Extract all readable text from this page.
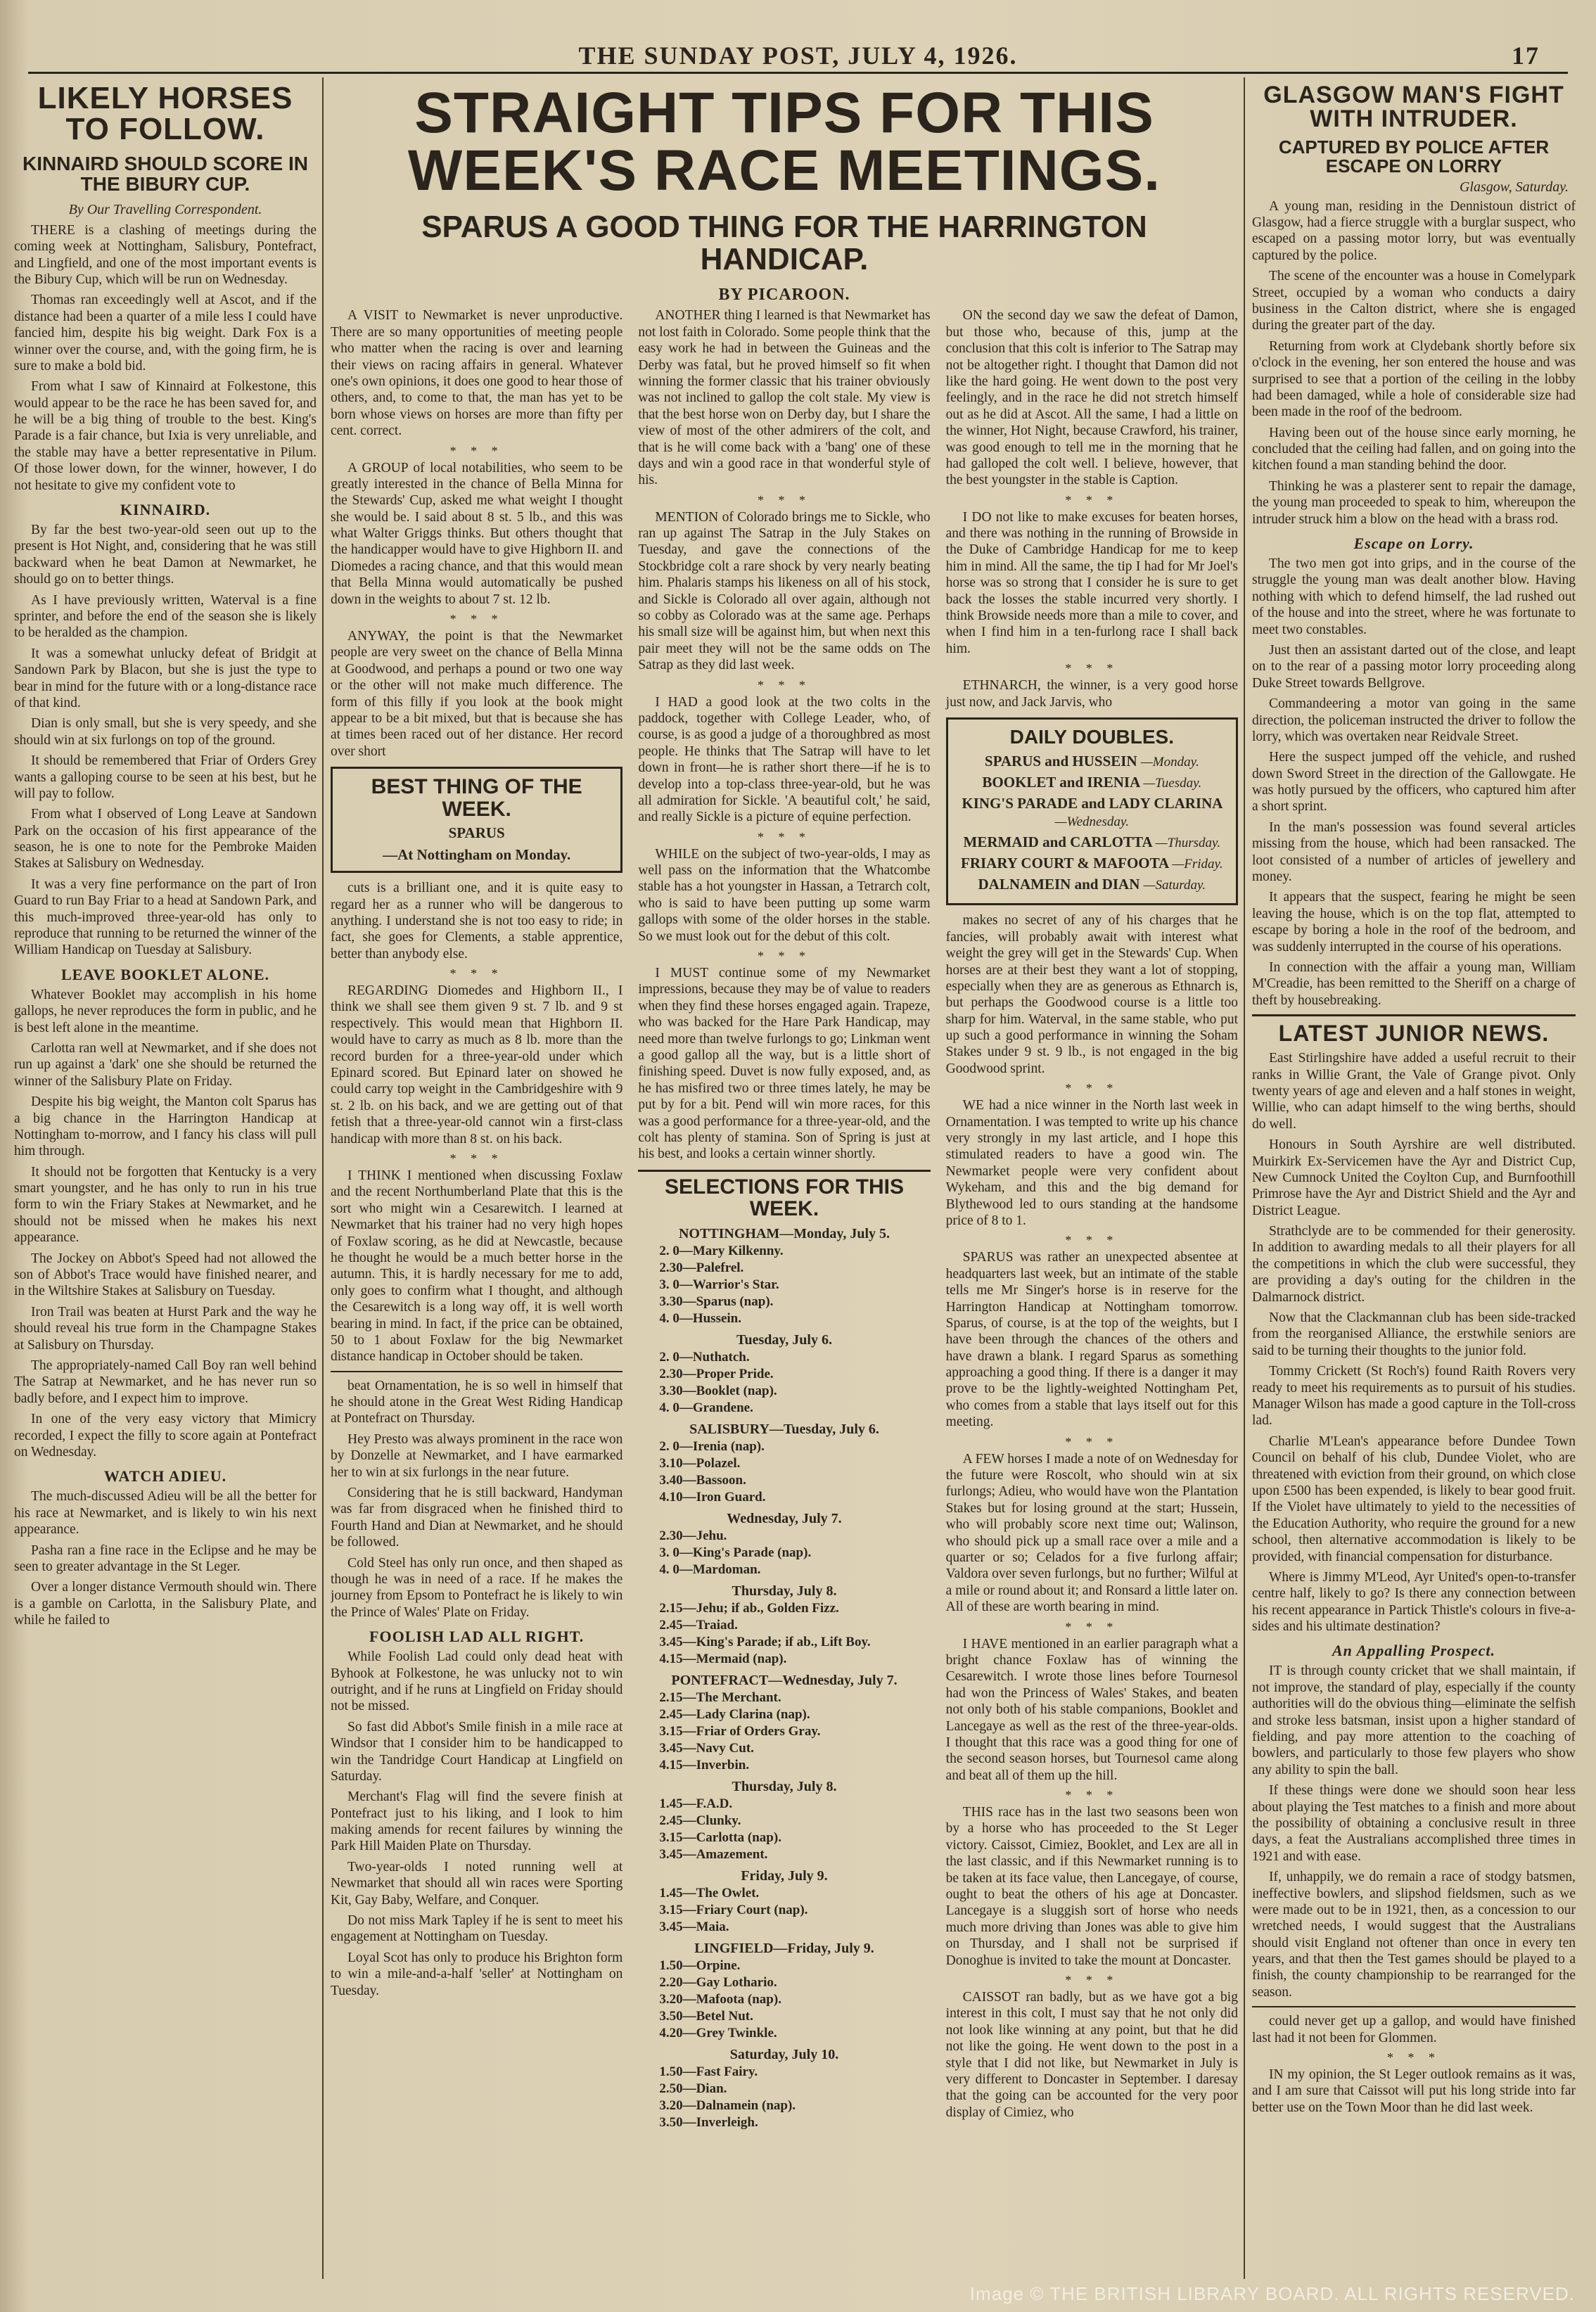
THE SUNDAY POST, JULY 4, 1926.	17
LIKELY HORSES TO FOLLOW.
KINNAIRD SHOULD SCORE IN THE BIBURY CUP.
By Our Travelling Correspondent.

THERE is a clashing of meetings during the coming week at Nottingham, Salisbury, Pontefract, and Lingfield, and one of the most important events is the Bibury Cup, which will be run on Wednesday.

Thomas ran exceedingly well at Ascot, and if the distance had been a quarter of a mile less I could have fancied him, despite his big weight. Dark Fox is a winner over the course, and, with the going firm, he is sure to make a bold bid.

From what I saw of Kinnaird at Folkestone, this would appear to be the race he has been saved for, and he will be a big thing of trouble to the best. King's Parade is a fair chance, but Ixia is very unreliable, and the stable may have a better representative in Pilum. Of those lower down, for the winner, however, I do not hesitate to give my confident vote to

KINNAIRD.

By far the best two-year-old seen out up to the present is Hot Night, and, considering that he was still backward when he beat Damon at Newmarket, he should go on to better things.

As I have previously written, Waterval is a fine sprinter, and before the end of the season she is likely to be heralded as the champion.

It was a somewhat unlucky defeat of Bridgit at Sandown Park by Blacon, but she is just the type to bear in mind for the future with or a long-distance race of that kind.

Dian is only small, but she is very speedy, and she should win at six furlongs on top of the ground.

It should be remembered that Friar of Orders Grey wants a galloping course to be seen at his best, but he will pay to follow.

From what I observed of Long Leave at Sandown Park on the occasion of his first appearance of the season, he is one to note for the Pembroke Maiden Stakes at Salisbury on Wednesday.

It was a very fine performance on the part of Iron Guard to run Bay Friar to a head at Sandown Park, and this much-improved three-year-old has only to reproduce that running to be returned the winner of the William Handicap on Tuesday at Salisbury.

LEAVE BOOKLET ALONE.

Whatever Booklet may accomplish in his home gallops, he never reproduces the form in public, and he is best left alone in the meantime.

Carlotta ran well at Newmarket, and if she does not run up against a 'dark' one she should be returned the winner of the Salisbury Plate on Friday.

Despite his big weight, the Manton colt Sparus has a big chance in the Harrington Handicap at Nottingham to-morrow, and I fancy his class will pull him through.

It should not be forgotten that Kentucky is a very smart youngster, and he has only to run in his true form to win the Friary Stakes at Newmarket, and he should not be missed when he makes his next appearance.

The Jockey on Abbot's Speed had not allowed the son of Abbot's Trace would have finished nearer, and in the Wiltshire Stakes at Salisbury on Tuesday.

Iron Trail was beaten at Hurst Park and the way he should reveal his true form in the Champagne Stakes at Salisbury on Thursday.

The appropriately-named Call Boy ran well behind The Satrap at Newmarket, and he has never run so badly before, and I expect him to improve.

In one of the very easy victory that Mimicry recorded, I expect the filly to score again at Pontefract on Wednesday.

WATCH ADIEU.

The much-discussed Adieu will be all the better for his race at Newmarket, and is likely to win his next appearance.

Pasha ran a fine race in the Eclipse and he may be seen to greater advantage in the St Leger.

Over a longer distance Vermouth should win. There is a gamble on Carlotta, in the Salisbury Plate, and while he failed to

STRAIGHT TIPS FOR THIS WEEK'S RACE MEETINGS.
SPARUS A GOOD THING FOR THE HARRINGTON HANDICAP.
BY PICAROON.

A VISIT to Newmarket is never unproductive. There are so many opportunities of meeting people who matter when the racing is over and learning their views on racing affairs in general. Whatever one's own opinions, it does one good to hear those of others, and, to come to that, the man has yet to be born whose views on horses are more than fifty per cent. correct.

* * *

A GROUP of local notabilities, who seem to be greatly interested in the chance of Bella Minna for the Stewards' Cup, asked me what weight I thought she would be. I said about 8 st. 5 lb., and this was what Walter Griggs thinks. But others thought that the handicapper would have to give Highborn II. and Diomedes a racing chance, and that this would mean that Bella Minna would automatically be pushed down in the weights to about 7 st. 12 lb.

* * *

ANYWAY, the point is that the Newmarket people are very sweet on the chance of Bella Minna at Goodwood, and perhaps a pound or two one way or the other will not make much difference. The form of this filly if you look at the book might appear to be a bit mixed, but that is because she has at times been raced out of her distance. Her record over short

BEST THING OF THE WEEK.
SPARUS
—At Nottingham on Monday.

cuts is a brilliant one, and it is quite easy to regard her as a runner who will be dangerous to anything. I understand she is not too easy to ride; in fact, she goes for Clements, a stable apprentice, better than anybody else.

* * *

REGARDING Diomedes and Highborn II., I think we shall see them given 9 st. 7 lb. and 9 st respectively. This would mean that Highborn II. would have to carry as much as 8 lb. more than the record burden for a three-year-old under which Epinard scored. But Epinard later on showed he could carry top weight in the Cambridgeshire with 9 st. 2 lb. on his back, and we are getting out of that fetish that a three-year-old cannot win a first-class handicap with more than 8 st. on his back.

* * *

I THINK I mentioned when discussing Foxlaw and the recent Northumberland Plate that this is the sort who might win a Cesarewitch. I learned at Newmarket that his trainer had no very high hopes of Foxlaw scoring, as he did at Newcastle, because he thought he would be a much better horse in the autumn. This, it is hardly necessary for me to add, only goes to confirm what I thought, and although the Cesarewitch is a long way off, it is well worth bearing in mind. In fact, if the price can be obtained, 50 to 1 about Foxlaw for the big Newmarket distance handicap in October should be taken.

beat Ornamentation, he is so well in himself that he should atone in the Great West Riding Handicap at Pontefract on Thursday.

Hey Presto was always prominent in the race won by Donzelle at Newmarket, and I have earmarked her to win at six furlongs in the near future.

Considering that he is still backward, Handyman was far from disgraced when he finished third to Fourth Hand and Dian at Newmarket, and he should be followed.

Cold Steel has only run once, and then shaped as though he was in need of a race. If he makes the journey from Epsom to Pontefract he is likely to win the Prince of Wales' Plate on Friday.

FOOLISH LAD ALL RIGHT.

While Foolish Lad could only dead heat with Byhook at Folkestone, he was unlucky not to win outright, and if he runs at Lingfield on Friday should not be missed.

So fast did Abbot's Smile finish in a mile race at Windsor that I consider him to be handicapped to win the Tandridge Court Handicap at Lingfield on Saturday.

Merchant's Flag will find the severe finish at Pontefract just to his liking, and I look to him making amends for recent failures by winning the Park Hill Maiden Plate on Thursday.

Two-year-olds I noted running well at Newmarket that should all win races were Sporting Kit, Gay Baby, Welfare, and Conquer.

Do not miss Mark Tapley if he is sent to meet his engagement at Nottingham on Tuesday.

Loyal Scot has only to produce his Brighton form to win a mile-and-a-half 'seller' at Nottingham on Tuesday.

ANOTHER thing I learned is that Newmarket has not lost faith in Colorado. Some people think that the easy work he had in between the Guineas and the Derby was fatal, but he proved himself so fit when winning the former classic that his trainer obviously was not inclined to gallop the colt stale. My view is that the best horse won on Derby day, but I share the view of most of the other admirers of the colt, and that is he will come back with a 'bang' one of these days and win a good race in that wonderful style of his.

* * *

MENTION of Colorado brings me to Sickle, who ran up against The Satrap in the July Stakes on Tuesday, and gave the connections of the Stockbridge colt a rare shock by very nearly beating him. Phalaris stamps his likeness on all of his stock, and Sickle is Colorado all over again, although not so cobby as Colorado was at the same age. Perhaps his small size will be against him, but when next this pair meet they will not be the same odds on The Satrap as they did last week.

* * *

I HAD a good look at the two colts in the paddock, together with College Leader, who, of course, is as good a judge of a thoroughbred as most people. He thinks that The Satrap will have to let down in front—he is rather short there—if he is to develop into a top-class three-year-old, but he was all admiration for Sickle. 'A beautiful colt,' he said, and really Sickle is a picture of equine perfection.

* * *

WHILE on the subject of two-year-olds, I may as well pass on the information that the Whatcombe stable has a hot youngster in Hassan, a Tetrarch colt, who is said to have been putting up some warm gallops with some of the older horses in the stable. So we must look out for the debut of this colt.

* * *

I MUST continue some of my Newmarket impressions, because they may be of value to readers when they find these horses engaged again. Trapeze, who was backed for the Hare Park Handicap, may need more than twelve furlongs to go; Linkman went a good gallop all the way, but is a little short of finishing speed. Duvet is now fully exposed, and, as he has misfired two or three times lately, he may be put by for a bit. Pend will win more races, for this was a good performance for a three-year-old, and the colt has plenty of stamina. Son of Spring is just at his best, and looks a certain winner shortly.

SELECTIONS FOR THIS WEEK.
NOTTINGHAM—Monday, July 5.
2. 0—Mary Kilkenny.
2.30—Palefrel.
3. 0—Warrior's Star.
3.30—Sparus (nap).
4. 0—Hussein.
Tuesday, July 6.
2. 0—Nuthatch.
2.30—Proper Pride.
3.30—Booklet (nap).
4. 0—Grandene.
SALISBURY—Tuesday, July 6.
2. 0—Irenia (nap).
3.10—Polazel.
3.40—Bassoon.
4.10—Iron Guard.
Wednesday, July 7.
2.30—Jehu.
3. 0—King's Parade (nap).
4. 0—Mardoman.
Thursday, July 8.
2.15—Jehu; if ab., Golden Fizz.
2.45—Traiad.
3.45—King's Parade; if ab., Lift Boy.
4.15—Mermaid (nap).
PONTEFRACT—Wednesday, July 7.
2.15—The Merchant.
2.45—Lady Clarina (nap).
3.15—Friar of Orders Gray.
3.45—Navy Cut.
4.15—Inverbin.
Thursday, July 8.
1.45—F.A.D.
2.45—Clunky.
3.15—Carlotta (nap).
3.45—Amazement.
Friday, July 9.
1.45—The Owlet.
3.15—Friary Court (nap).
3.45—Maia.
LINGFIELD—Friday, July 9.
1.50—Orpine.
2.20—Gay Lothario.
3.20—Mafoota (nap).
3.50—Betel Nut.
4.20—Grey Twinkle.
Saturday, July 10.
1.50—Fast Fairy.
2.50—Dian.
3.20—Dalnamein (nap).
3.50—Inverleigh.

ON the second day we saw the defeat of Damon, but those who, because of this, jump at the conclusion that this colt is inferior to The Satrap may not be altogether right. I thought that Damon did not like the hard going. He went down to the post very feelingly, and in the race he did not stretch himself out as he did at Ascot. All the same, I had a little on the winner, Hot Night, because Crawford, his trainer, was good enough to tell me in the morning that he had galloped the colt well. I believe, however, that the best youngster in the stable is Caption.

* * *

I DO not like to make excuses for beaten horses, and there was nothing in the running of Browside in the Duke of Cambridge Handicap for me to keep him in mind. All the same, the tip I had for Mr Joel's horse was so strong that I consider he is sure to get back the losses the stable incurred very shortly. I think Browside needs more than a mile to cover, and when I find him in a ten-furlong race I shall back him.

* * *

ETHNARCH, the winner, is a very good horse just now, and Jack Jarvis, who

DAILY DOUBLES.
SPARUS and HUSSEIN —Monday.
BOOKLET and IRENIA —Tuesday.
KING'S PARADE and LADY CLARINA —Wednesday.
MERMAID and CARLOTTA —Thursday.
FRIARY COURT & MAFOOTA —Friday.
DALNAMEIN and DIAN —Saturday.

makes no secret of any of his charges that he fancies, will probably await with interest what weight the grey will get in the Stewards' Cup. When horses are at their best they want a lot of stopping, especially when they are as generous as Ethnarch is, but perhaps the Goodwood course is a little too sharp for him. Waterval, in the same stable, who put up such a good performance in winning the Soham Stakes under 9 st. 9 lb., is not engaged in the big Goodwood sprint.

* * *

WE had a nice winner in the North last week in Ornamentation. I was tempted to write up his chance very strongly in my last article, and I hope this stimulated readers to have a good win. The Newmarket people were very confident about Wykeham, and this and the big demand for Blythewood led to ours standing at the handsome price of 8 to 1.

* * *

SPARUS was rather an unexpected absentee at headquarters last week, but an intimate of the stable tells me Mr Singer's horse is in reserve for the Harrington Handicap at Nottingham tomorrow. Sparus, of course, is at the top of the weights, but I have been through the chances of the others and have drawn a blank. I regard Sparus as something approaching a good thing. If there is a danger it may prove to be the lightly-weighted Nottingham Pet, who comes from a stable that lays itself out for this meeting.

* * *

A FEW horses I made a note of on Wednesday for the future were Roscolt, who should win at six furlongs; Adieu, who would have won the Plantation Stakes but for losing ground at the start; Hussein, who will probably score next time out; Walinson, who should pick up a small race over a mile and a quarter or so; Celados for a five furlong affair; Valdora over seven furlongs, but no further; Wilful at a mile or round about it; and Ronsard a little later on. All of these are worth bearing in mind.

* * *

I HAVE mentioned in an earlier paragraph what a bright chance Foxlaw has of winning the Cesarewitch. I wrote those lines before Tournesol had won the Princess of Wales' Stakes, and beaten not only both of his stable companions, Booklet and Lancegaye as well as the rest of the three-year-olds. I thought that this race was a good thing for one of the second season horses, but Tournesol came along and beat all of them up the hill.

* * *

THIS race has in the last two seasons been won by a horse who has proceeded to the St Leger victory. Caissot, Cimiez, Booklet, and Lex are all in the last classic, and if this Newmarket running is to be taken at its face value, then Lancegaye, of course, ought to beat the others of his age at Doncaster. Lancegaye is a sluggish sort of horse who needs much more driving than Jones was able to give him on Thursday, and I shall not be surprised if Donoghue is invited to take the mount at Doncaster.

* * *

CAISSOT ran badly, but as we have got a big interest in this colt, I must say that he not only did not look like winning at any point, but that he did not like the going. He went down to the post in a style that I did not like, but Newmarket in July is very different to Doncaster in September. I daresay that the going can be accounted for the very poor display of Cimiez, who

GLASGOW MAN'S FIGHT WITH INTRUDER.
CAPTURED BY POLICE AFTER ESCAPE ON LORRY
Glasgow, Saturday.

A young man, residing in the Dennistoun district of Glasgow, had a fierce struggle with a burglar suspect, who escaped on a passing motor lorry, but was eventually captured by the police.

The scene of the encounter was a house in Comelypark Street, occupied by a woman who conducts a dairy business in the Calton district, where she is engaged during the greater part of the day.

Returning from work at Clydebank shortly before six o'clock in the evening, her son entered the house and was surprised to see that a portion of the ceiling in the lobby had been damaged, while a hole of considerable size had been made in the roof of the bedroom.

Having been out of the house since early morning, he concluded that the ceiling had fallen, and on going into the kitchen found a man standing behind the door.

Thinking he was a plasterer sent to repair the damage, the young man proceeded to speak to him, whereupon the intruder struck him a blow on the head with a brass rod.

Escape on Lorry.

The two men got into grips, and in the course of the struggle the young man was dealt another blow. Having nothing with which to defend himself, the lad rushed out of the house and into the street, where he was fortunate to meet two constables.

Just then an assistant darted out of the close, and leapt on to the rear of a passing motor lorry proceeding along Duke Street towards Bellgrove.

Commandeering a motor van going in the same direction, the policeman instructed the driver to follow the lorry, which was overtaken near Reidvale Street.

Here the suspect jumped off the vehicle, and rushed down Sword Street in the direction of the Gallowgate. He was hotly pursued by the officers, who captured him after a short sprint.

In the man's possession was found several articles missing from the house, which had been ransacked. The loot consisted of a number of articles of jewellery and money.

It appears that the suspect, fearing he might be seen leaving the house, which is on the top flat, attempted to escape by boring a hole in the roof of the bedroom, and was suddenly interrupted in the course of his operations.

In connection with the affair a young man, William M'Creadie, has been remitted to the Sheriff on a charge of theft by housebreaking.

LATEST JUNIOR NEWS.

East Stirlingshire have added a useful recruit to their ranks in Willie Grant, the Vale of Grange pivot. Only twenty years of age and eleven and a half stones in weight, Willie, who can adapt himself to the wing berths, should do well.

Honours in South Ayrshire are well distributed. Muirkirk Ex-Servicemen have the Ayr and District Cup, New Cumnock United the Coylton Cup, and Burnfoothill Primrose have the Ayr and District Shield and the Ayr and District League.

Strathclyde are to be commended for their generosity. In addition to awarding medals to all their players for all the competitions in which the club were successful, they are providing a day's outing for the children in the Dalmarnock district.

Now that the Clackmannan club has been side-tracked from the reorganised Alliance, the erstwhile seniors are said to be turning their thoughts to the junior fold.

Tommy Crickett (St Roch's) found Raith Rovers very ready to meet his requirements as to pursuit of his studies. Manager Wilson has made a good capture in the Toll-cross lad.

Charlie M'Lean's appearance before Dundee Town Council on behalf of his club, Dundee Violet, who are threatened with eviction from their ground, on which close upon £500 has been expended, is likely to bear good fruit. If the Violet have ultimately to yield to the necessities of the Education Authority, who require the ground for a new school, then alternative accommodation is likely to be provided, with financial compensation for disturbance.

Where is Jimmy M'Leod, Ayr United's open-to-transfer centre half, likely to go? Is there any connection between his recent appearance in Partick Thistle's colours in five-a-sides and his ultimate destination?

An Appalling Prospect.

IT is through county cricket that we shall maintain, if not improve, the standard of play, especially if the county authorities will do the obvious thing—eliminate the selfish and stroke less batsman, insist upon a higher standard of fielding, and pay more attention to the coaching of bowlers, and particularly to those few players who show any ability to spin the ball.

If these things were done we should soon hear less about playing the Test matches to a finish and more about the possibility of obtaining a conclusive result in three days, a feat the Australians accomplished three times in 1921 and with ease.

If, unhappily, we do remain a race of stodgy batsmen, ineffective bowlers, and slipshod fieldsmen, such as we were made out to be in 1921, then, as a concession to our wretched needs, I would suggest that the Australians should visit England not oftener than once in every ten years, and that then the Test games should be played to a finish, the county championship to be rearranged for the season.

could never get up a gallop, and would have finished last had it not been for Glommen.

* * *

IN my opinion, the St Leger outlook remains as it was, and I am sure that Caissot will put his long stride into far better use on the Town Moor than he did last week.

Image © THE BRITISH LIBRARY BOARD. ALL RIGHTS RESERVED.
